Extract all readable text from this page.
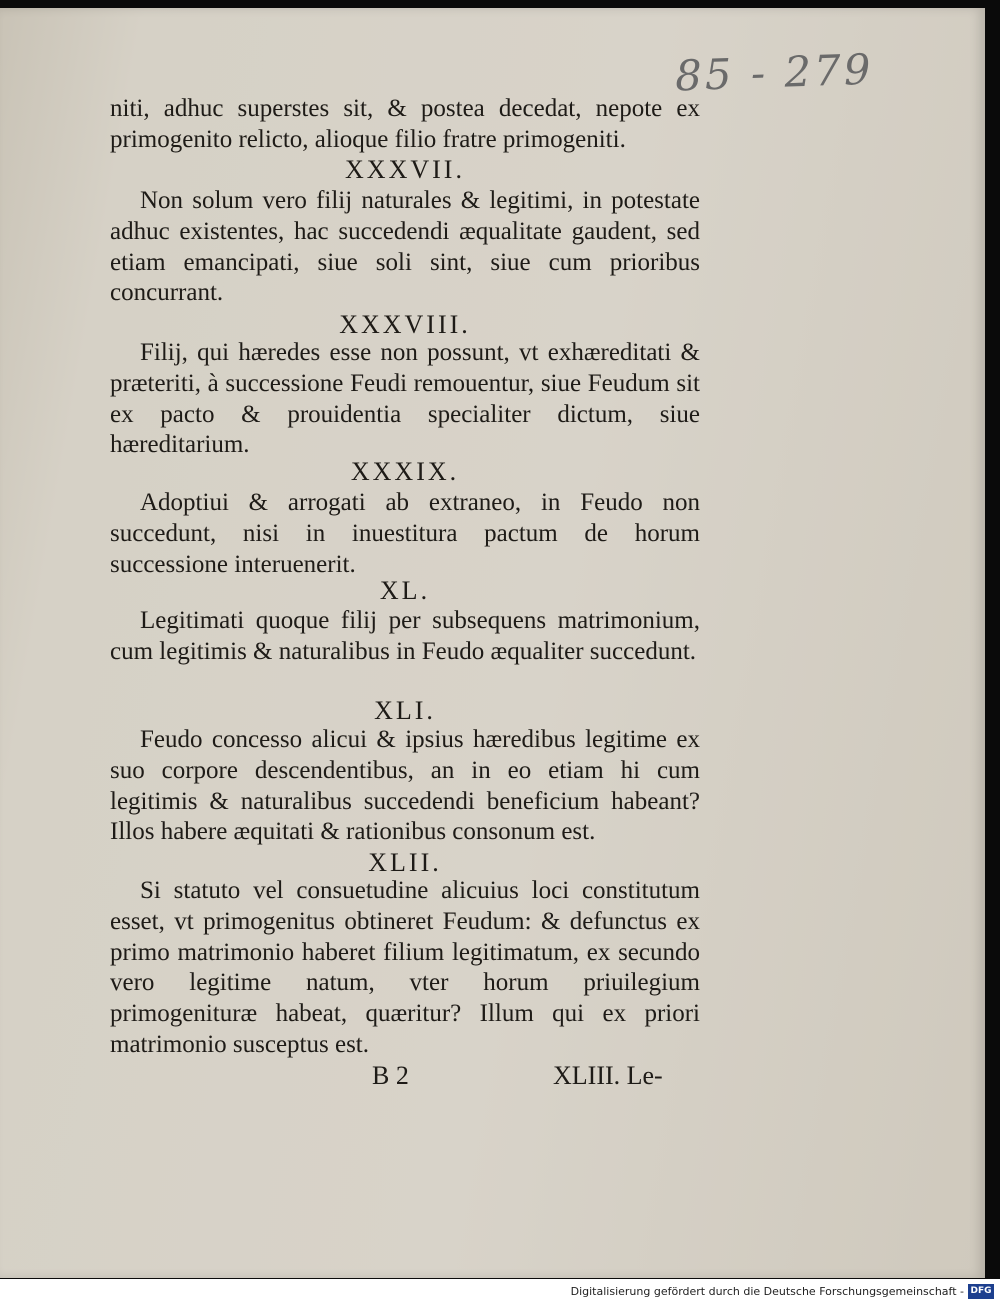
85 - 279

niti, adhuc superstes sit, & postea decedat, nepote ex primogenito relicto, alioque filio fratre primogeniti.

XXXVII.

Non solum vero filij naturales & legitimi, in potestate adhuc existentes, hac succedendi æqualitate gaudent, sed etiam emancipati, siue soli sint, siue cum prioribus concurrant.

XXXVIII.

Filij, qui hæredes esse non possunt, vt exhæreditati & præteriti, à successione Feudi remouentur, siue Feudum sit ex pacto & prouidentia specialiter dictum, siue hæreditarium.

XXXIX.

Adoptiui & arrogati ab extraneo, in Feudo non succedunt, nisi in inuestitura pactum de horum successione interuenerit.

XL.

Legitimati quoque filij per subsequens matrimonium, cum legitimis & naturalibus in Feudo æqualiter succedunt.

XLI.

Feudo concesso alicui & ipsius hæredibus legitime ex suo corpore descendentibus, an in eo etiam hi cum legitimis & naturalibus succedendi beneficium habeant? Illos habere æquitati & rationibus consonum est.

XLII.

Si statuto vel consuetudine alicuius loci constitutum esset, vt primogenitus obtineret Feudum: & defunctus ex primo matrimonio haberet filium legitimatum, ex secundo vero legitime natum, vter horum priuilegium primogenituræ habeat, quæritur? Illum qui ex priori matrimonio susceptus est.

B 2	XLIII. Le-
Digitalisierung gefördert durch die Deutsche Forschungsgemeinschaft - DFG
